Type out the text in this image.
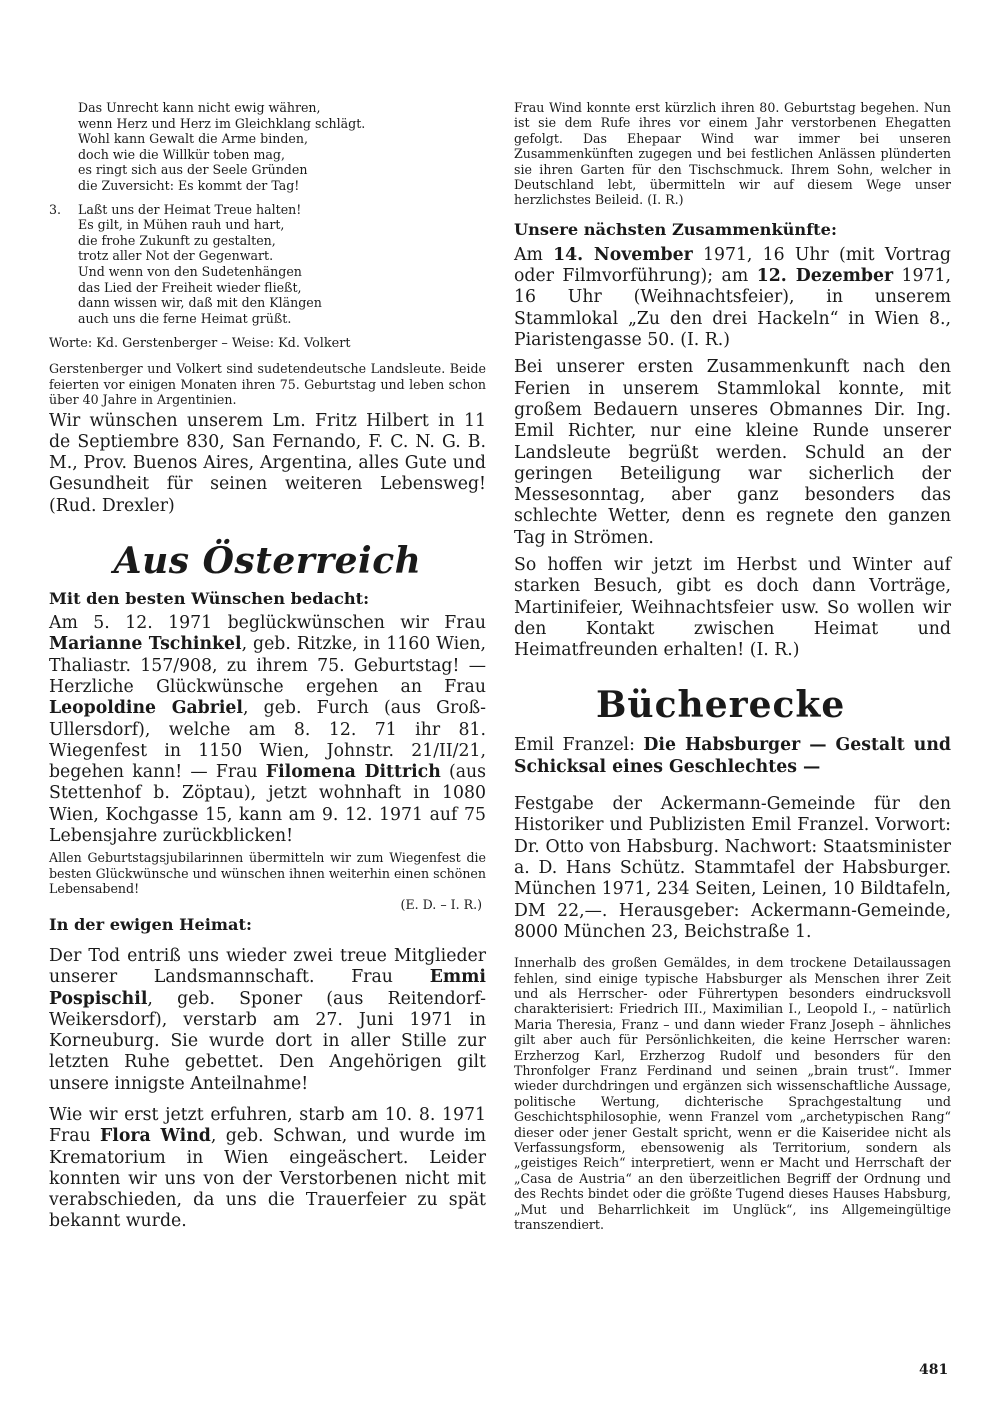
Das Unrecht kann nicht ewig währen,
wenn Herz und Herz im Gleichklang schlägt.
Wohl kann Gewalt die Arme binden,
doch wie die Willkür toben mag,
es ringt sich aus der Seele Gründen
die Zuversicht: Es kommt der Tag!
3. Laßt uns der Heimat Treue halten!
Es gilt, in Mühen rauh und hart,
die frohe Zukunft zu gestalten,
trotz aller Not der Gegenwart.
Und wenn von den Sudetenhängen
das Lied der Freiheit wieder fließt,
dann wissen wir, daß mit den Klängen
auch uns die ferne Heimat grüßt.

Worte: Kd. Gerstenberger – Weise: Kd. Volkert

Gerstenberger und Volkert sind sudetendeutsche Landsleute. Beide feierten vor einigen Monaten ihren 75. Geburtstag und leben schon über 40 Jahre in Argentinien.

Wir wünschen unserem Lm. Fritz Hilbert in 11 de Septiembre 830, San Fernando, F. C. N. G. B. M., Prov. Buenos Aires, Argentina, alles Gute und Gesundheit für seinen weiteren Lebensweg! (Rud. Drexler)

Aus Österreich

Mit den besten Wünschen bedacht:

Am 5. 12. 1971 beglückwünschen wir Frau Marianne Tschinkel, geb. Ritzke, in 1160 Wien, Thaliastr. 157/908, zu ihrem 75. Geburtstag! — Herzliche Glückwünsche ergehen an Frau Leopoldine Gabriel, geb. Furch (aus Groß-Ullersdorf), welche am 8. 12. 71 ihr 81. Wiegenfest in 1150 Wien, Johnstr. 21/II/21, begehen kann! — Frau Filomena Dittrich (aus Stettenhof b. Zöptau), jetzt wohnhaft in 1080 Wien, Kochgasse 15, kann am 9. 12. 1971 auf 75 Lebensjahre zurückblicken!

Allen Geburtstagsjubilarinnen übermitteln wir zum Wiegenfest die besten Glückwünsche und wünschen ihnen weiterhin einen schönen Lebensabend!

(E. D. – I. R.)

In der ewigen Heimat:

Der Tod entriß uns wieder zwei treue Mitglieder unserer Landsmannschaft. Frau Emmi Pospischil, geb. Sponer (aus Reitendorf-Weikersdorf), verstarb am 27. Juni 1971 in Korneuburg. Sie wurde dort in aller Stille zur letzten Ruhe gebettet. Den Angehörigen gilt unsere innigste Anteilnahme!

Wie wir erst jetzt erfuhren, starb am 10. 8. 1971 Frau Flora Wind, geb. Schwan, und wurde im Krematorium in Wien eingeäschert. Leider konnten wir uns von der Verstorbenen nicht mit verabschieden, da uns die Trauerfeier zu spät bekannt wurde.

Frau Wind konnte erst kürzlich ihren 80. Geburtstag begehen. Nun ist sie dem Rufe ihres vor einem Jahr verstorbenen Ehegatten gefolgt. Das Ehepaar Wind war immer bei unseren Zusammenkünften zugegen und bei festlichen Anlässen plünderten sie ihren Garten für den Tischschmuck. Ihrem Sohn, welcher in Deutschland lebt, übermitteln wir auf diesem Wege unser herzlichstes Beileid. (I. R.)

Unsere nächsten Zusammenkünfte:

Am 14. November 1971, 16 Uhr (mit Vortrag oder Filmvorführung); am 12. Dezember 1971, 16 Uhr (Weihnachtsfeier), in unserem Stammlokal „Zu den drei Hackeln“ in Wien 8., Piaristengasse 50. (I. R.)

Bei unserer ersten Zusammenkunft nach den Ferien in unserem Stammlokal konnte, mit großem Bedauern unseres Obmannes Dir. Ing. Emil Richter, nur eine kleine Runde unserer Landsleute begrüßt werden. Schuld an der geringen Beteiligung war sicherlich der Messesonntag, aber ganz besonders das schlechte Wetter, denn es regnete den ganzen Tag in Strömen.

So hoffen wir jetzt im Herbst und Winter auf starken Besuch, gibt es doch dann Vorträge, Martinifeier, Weihnachtsfeier usw. So wollen wir den Kontakt zwischen Heimat und Heimatfreunden erhalten! (I. R.)

Bücherecke

Emil Franzel: Die Habsburger — Gestalt und Schicksal eines Geschlechtes —

Festgabe der Ackermann-Gemeinde für den Historiker und Publizisten Emil Franzel. Vorwort: Dr. Otto von Habsburg. Nachwort: Staatsminister a. D. Hans Schütz. Stammtafel der Habsburger. München 1971, 234 Seiten, Leinen, 10 Bildtafeln, DM 22,—. Herausgeber: Ackermann-Gemeinde, 8000 München 23, Beichstraße 1.

Innerhalb des großen Gemäldes, in dem trockene Detailaussagen fehlen, sind einige typische Habsburger als Menschen ihrer Zeit und als Herrscher- oder Führertypen besonders eindrucksvoll charakterisiert: Friedrich III., Maximilian I., Leopold I., – natürlich Maria Theresia, Franz – und dann wieder Franz Joseph – ähnliches gilt aber auch für Persönlichkeiten, die keine Herrscher waren: Erzherzog Karl, Erzherzog Rudolf und besonders für den Thronfolger Franz Ferdinand und seinen „brain trust“. Immer wieder durchdringen und ergänzen sich wissenschaftliche Aussage, politische Wertung, dichterische Sprachgestaltung und Geschichtsphilosophie, wenn Franzel vom „archetypischen Rang“ dieser oder jener Gestalt spricht, wenn er die Kaiseridee nicht als Verfassungsform, ebensowenig als Territorium, sondern als „geistiges Reich“ interpretiert, wenn er Macht und Herrschaft der „Casa de Austria“ an den überzeitlichen Begriff der Ordnung und des Rechts bindet oder die größte Tugend dieses Hauses Habsburg, „Mut und Beharrlichkeit im Unglück“, ins Allgemeingültige transzendiert.

481
